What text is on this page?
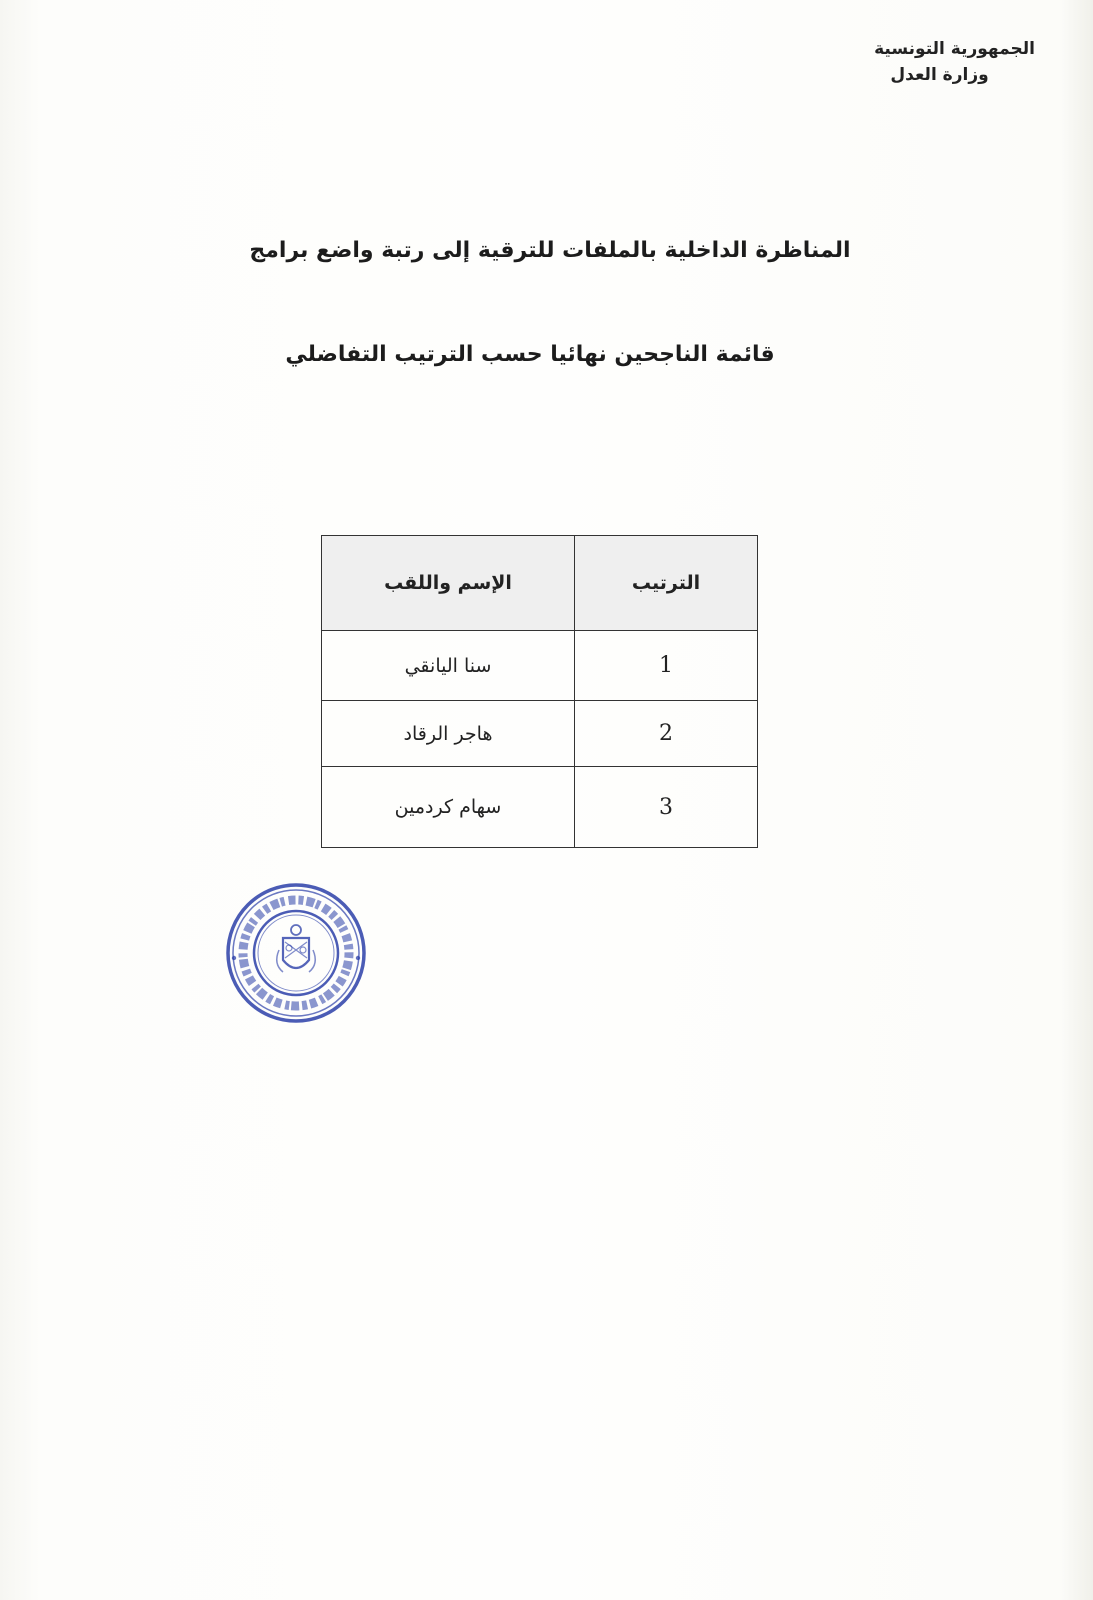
الجمهورية التونسية
وزارة العدل
المناظرة الداخلية بالملفات للترقية إلى رتبة واضع برامج
قائمة الناجحين نهائيا حسب الترتيب التفاضلي
الترتيب	الإسم واللقب
1	سنا اليانقي
2	هاجر الرقاد
3	سهام كردمين
